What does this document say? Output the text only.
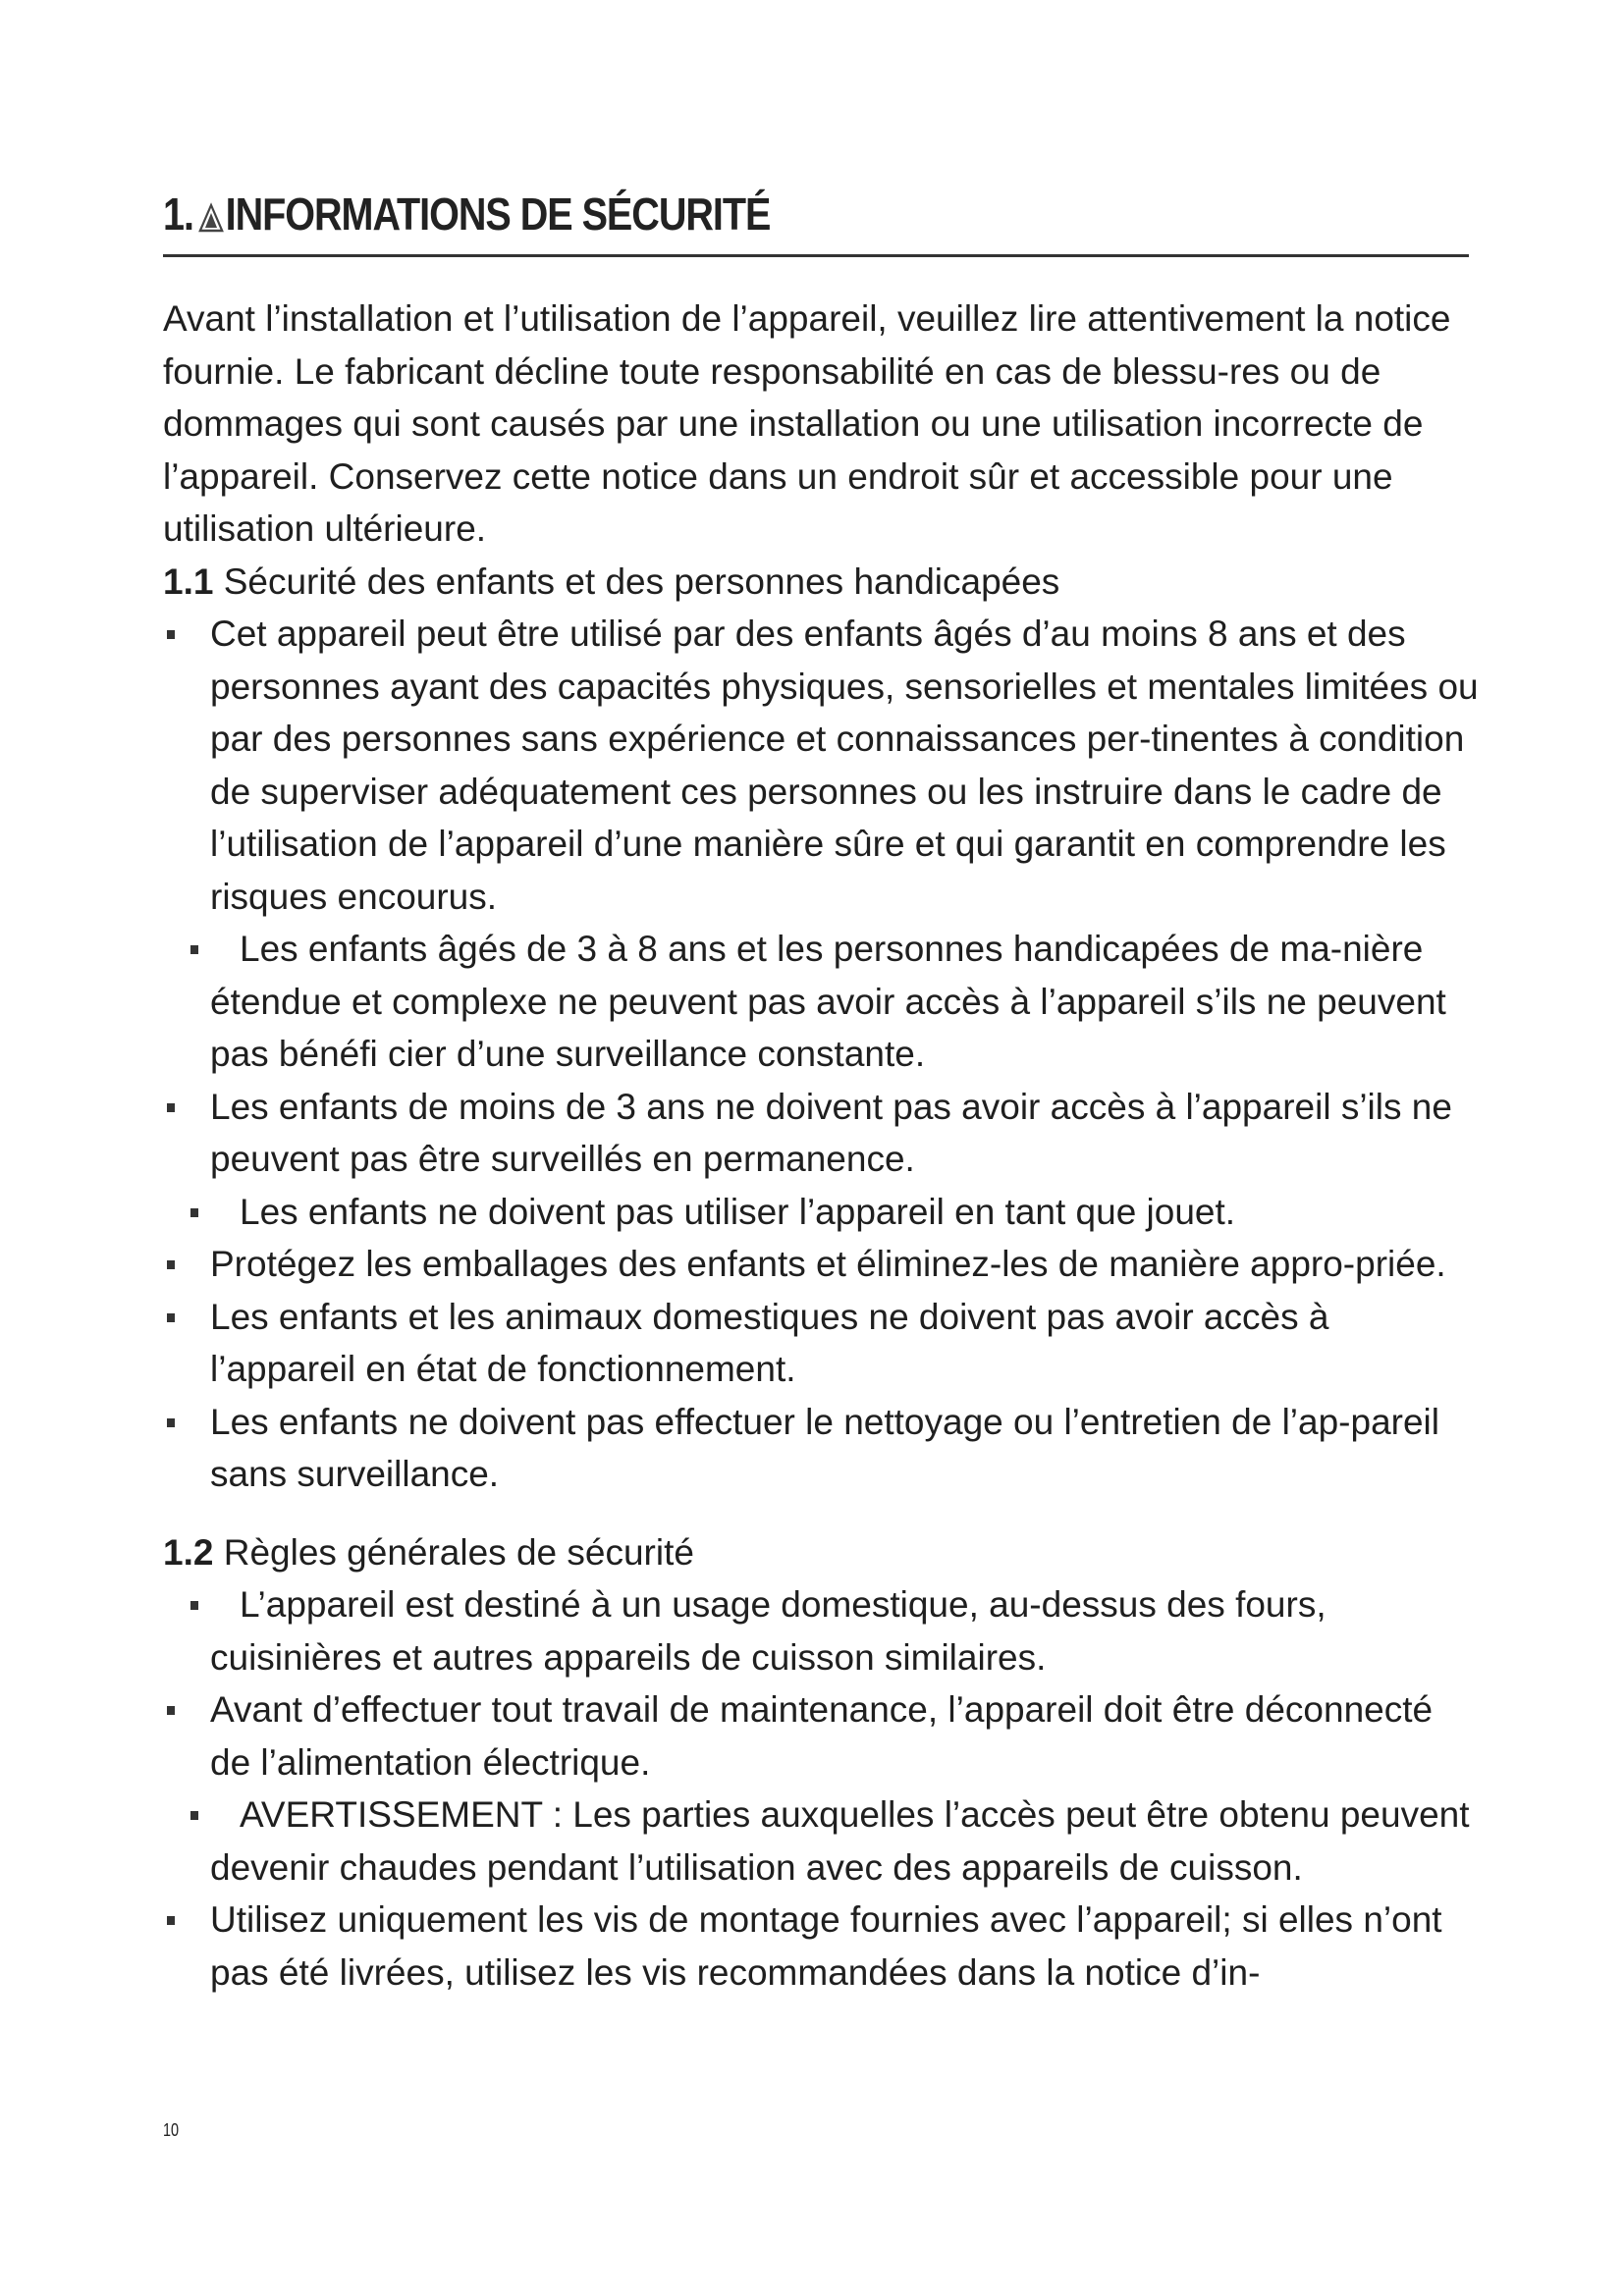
1. INFORMATIONS DE SÉCURITÉ

Avant l’installation et l’utilisation de l’appareil, veuillez lire attentivement la notice fournie. Le fabricant décline toute responsabilité en cas de blessu-res ou de dommages qui sont causés par une installation ou une utilisation incorrecte de l’appareil. Conservez cette notice dans un endroit sûr et accessible pour une utilisation ultérieure.

1.1 Sécurité des enfants et des personnes handicapées

Cet appareil peut être utilisé par des enfants âgés d’au moins 8 ans et des personnes ayant des capacités physiques, sensorielles et mentales limitées ou par des personnes sans expérience et connaissances per-tinentes à condition de superviser adéquatement ces personnes ou les instruire dans le cadre de l’utilisation de l’appareil d’une manière sûre et qui garantit en comprendre les risques encourus.
Les enfants âgés de 3 à 8 ans et les personnes handicapées de ma-nière étendue et complexe ne peuvent pas avoir accès à l’appareil s’ils ne peuvent pas bénéfi cier d’une surveillance constante.
Les enfants de moins de 3 ans ne doivent pas avoir accès à l’appareil s’ils ne peuvent pas être surveillés en permanence.
Les enfants ne doivent pas utiliser l’appareil en tant que jouet.
Protégez les emballages des enfants et éliminez-les de manière appro-priée.
Les enfants et les animaux domestiques ne doivent pas avoir accès à l’appareil en état de fonctionnement.
Les enfants ne doivent pas effectuer le nettoyage ou l’entretien de l’ap-pareil sans surveillance.

1.2 Règles générales de sécurité

L’appareil est destiné à un usage domestique, au-dessus des fours, cuisinières et autres appareils de cuisson similaires.
Avant d’effectuer tout travail de maintenance, l’appareil doit être déconnecté de l’alimentation électrique.
AVERTISSEMENT : Les parties auxquelles l’accès peut être obtenu peuvent devenir chaudes pendant l’utilisation avec des appareils de cuisson.
Utilisez uniquement les vis de montage fournies avec l’appareil; si elles n’ont pas été livrées, utilisez les vis recommandées dans la notice d’in-
10
